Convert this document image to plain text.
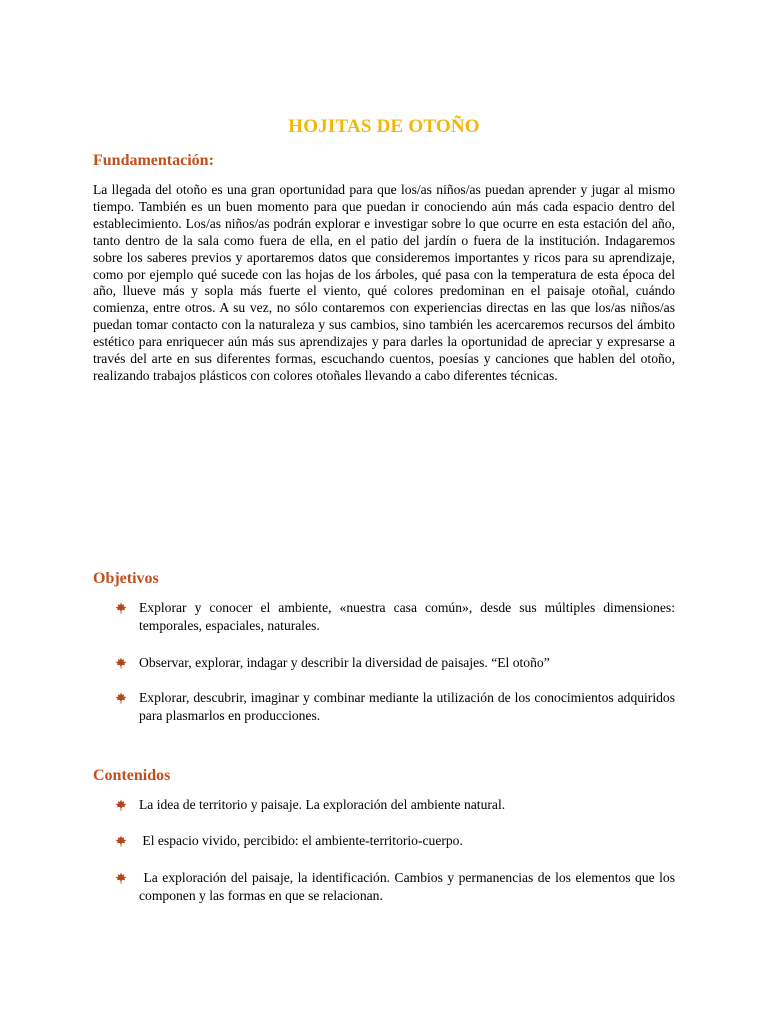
HOJITAS DE OTOÑO
Fundamentación:

La llegada del otoño es una gran oportunidad para que los/as niños/as puedan aprender y jugar al mismo tiempo. También es un buen momento para que puedan ir conociendo aún más cada espacio dentro del establecimiento. Los/as niños/as podrán explorar e investigar sobre lo que ocurre en esta estación del año, tanto dentro de la sala como fuera de ella, en el patio del jardín o fuera de la institución. Indagaremos sobre los saberes previos y aportaremos datos que consideremos importantes y ricos para su aprendizaje, como por ejemplo qué sucede con las hojas de los árboles, qué pasa con la temperatura de esta época del año, llueve más y sopla más fuerte el viento, qué colores predominan en el paisaje otoñal, cuándo comienza, entre otros. A su vez, no sólo contaremos con experiencias directas en las que los/as niños/as puedan tomar contacto con la naturaleza y sus cambios, sino también les acercaremos recursos del ámbito estético para enriquecer aún más sus aprendizajes y para darles la oportunidad de apreciar y expresarse a través del arte en sus diferentes formas, escuchando cuentos, poesías y canciones que hablen del otoño, realizando trabajos plásticos con colores otoñales llevando a cabo diferentes técnicas.

Objetivos
Explorar y conocer el ambiente, «nuestra casa común», desde sus múltiples dimensiones: temporales, espaciales, naturales.
Observar, explorar, indagar y describir la diversidad de paisajes. “El otoño”
Explorar, descubrir, imaginar y combinar mediante la utilización de los conocimientos adquiridos para plasmarlos en producciones.
Contenidos
La idea de territorio y paisaje. La exploración del ambiente natural.
El espacio vivido, percibido: el ambiente-territorio-cuerpo.
La exploración del paisaje, la identificación. Cambios y permanencias de los elementos que los componen y las formas en que se relacionan.
